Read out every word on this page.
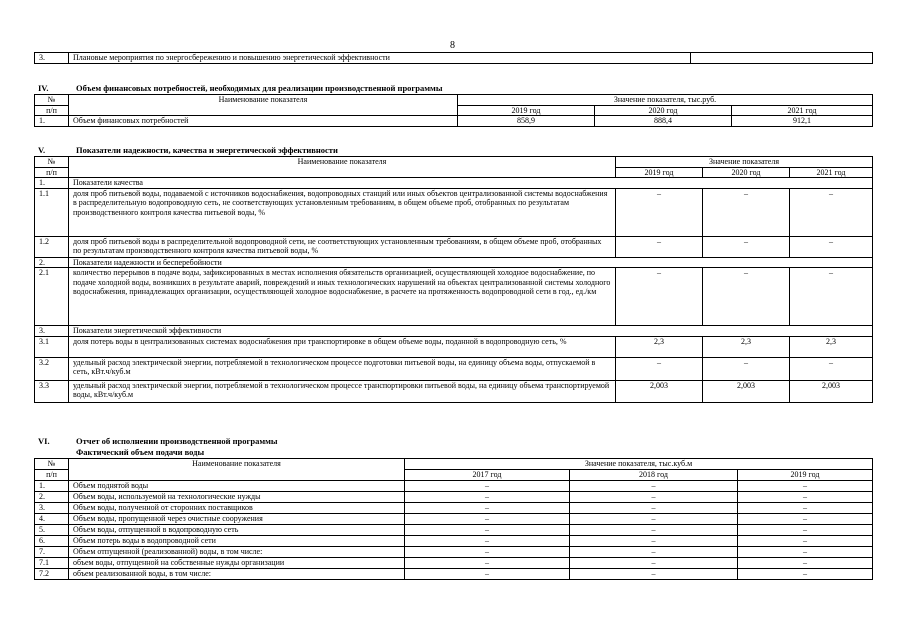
8
3.	Плановые мероприятия по энергосбережению и повышению энергетической эффективности	
IV.	Объем финансовых потребностей, необходимых для реализации производственной программы
№	Наименование показателя	Значение показателя, тыс.руб.		
п/п		2019 год	2020 год	2021 год
1.	Объем финансовых потребностей	858,9	888,4	912,1
V.	Показатели надежности, качества и энергетической эффективности
№	Наименование показателя	Значение показателя		
п/п		2019 год	2020 год	2021 год
1.	Показатели качества			
1.1	доля проб питьевой воды, подаваемой с источников водоснабжения, водопроводных станций или иных объектов централизованной системы водоснабжения в распределительную водопроводную сеть, не соответствующих установленным требованиям, в общем объеме проб, отобранных по результатам производственного контроля качества питьевой воды, %	–	–	–
1.2	доля проб питьевой воды в распределительной водопроводной сети, не соответствующих установленным требованиям, в общем объеме проб, отобранных по результатам производственного контроля качества питьевой воды, %	–	–	–
2.	Показатели надежности и бесперебойности			
2.1	количество перерывов в подаче воды, зафиксированных в местах исполнения обязательств организацией, осуществляющей холодное водоснабжение, по подаче холодной воды, возникших в результате аварий, повреждений и иных технологических нарушений на объектах централизованной системы холодного водоснабжения, принадлежащих организации, осуществляющей холодное водоснабжение, в расчете на протяженность водопроводной сети в год., ед./км	–	–	–
3.	Показатели энергетической эффективности			
3.1	доля потерь воды в централизованных системах водоснабжения при транспортировке в общем объеме воды, поданной в водопроводную сеть, %	2,3	2,3	2,3
3.2	удельный расход электрической энергии, потребляемой в технологическом процессе подготовки питьевой воды, на единицу объема воды, отпускаемой в сеть, кВт.ч/куб.м	–	–	–
3.3	удельный расход электрической энергии, потребляемой в технологическом процессе транспортировки питьевой воды, на единицу объема транспортируемой воды, кВт.ч/куб.м	2,003	2,003	2,003
VI.	Отчет об исполнении производственной программы
Фактический объем подачи воды
№	Наименование показателя	Значение показателя, тыс.куб.м		
п/п		2017 год	2018 год	2019 год
1.	Объем поднятой воды	–	–	–
2.	Объем воды, используемой на технологические нужды	–	–	–
3.	Объем воды, полученной от сторонних поставщиков	–	–	–
4.	Объем воды, пропущенной через очистные сооружения	–	–	–
5.	Объем воды, отпущенной в водопроводную сеть	–	–	–
6.	Объем потерь воды в водопроводной сети	–	–	–
7.	Объем отпущенной (реализованной) воды, в том числе:	–	–	–
7.1	объем воды, отпущенной на собственные нужды организации	–	–	–
7.2	объем реализованной воды, в том числе:	–	–	–
